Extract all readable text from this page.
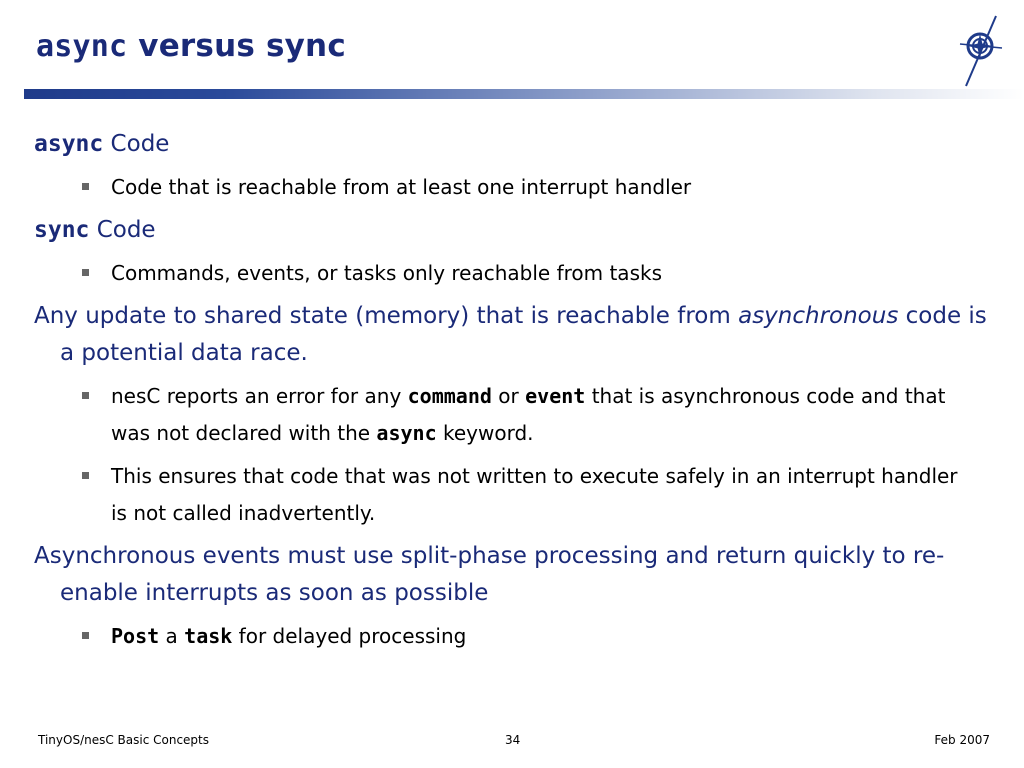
async versus sync

async Code

Code that is reachable from at least one interrupt handler

sync Code

Commands, events, or tasks only reachable from tasks

Any update to shared state (memory) that is reachable from asynchronous code is a potential data race.

nesC reports an error for any command or event that is asynchronous code and that was not declared with the async keyword.
This ensures that code that was not written to execute safely in an interrupt handler is not called inadvertently.

Asynchronous events must use split-phase processing and return quickly to re-enable interrupts as soon as possible

Post a task for delayed processing
TinyOS/nesC Basic Concepts	34	Feb 2007
